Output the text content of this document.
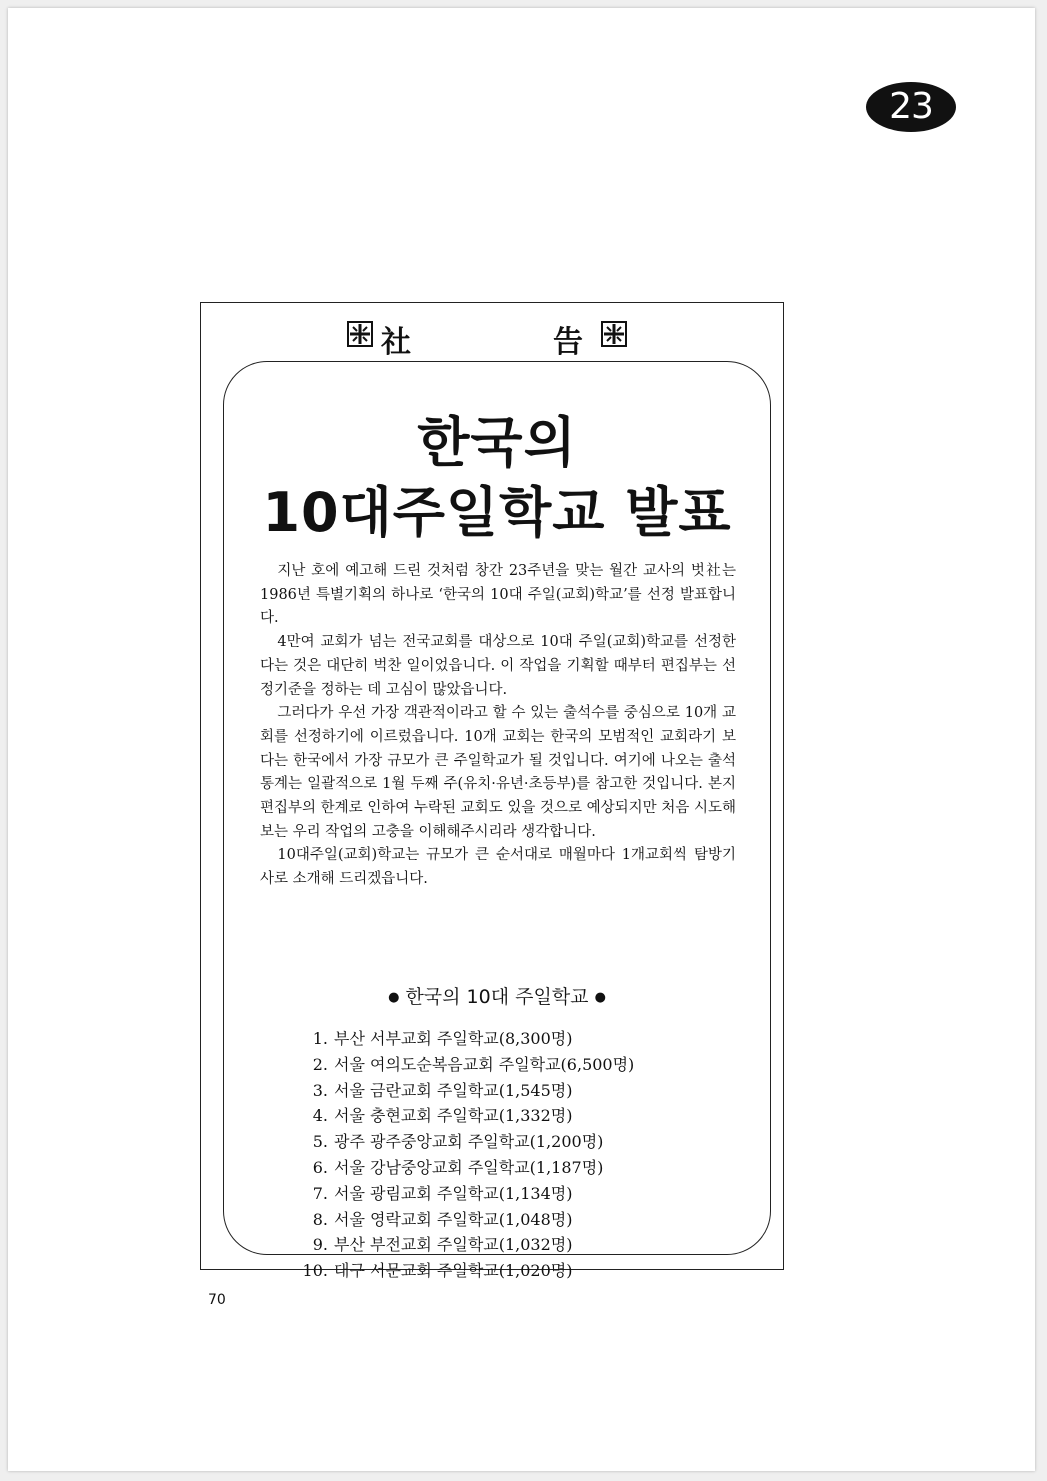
23
社	告
한국의
10대주일학교 발표

지난 호에 예고해 드린 것처럼 창간 23주년을 맞는 월간 교사의 벗社는 1986년 특별기획의 하나로 ‘한국의 10대 주일(교회)학교’를 선정 발표합니다.

4만여 교회가 넘는 전국교회를 대상으로 10대 주일(교회)학교를 선정한다는 것은 대단히 벅찬 일이었읍니다. 이 작업을 기획할 때부터 편집부는 선정기준을 정하는 데 고심이 많았읍니다.

그러다가 우선 가장 객관적이라고 할 수 있는 출석수를 중심으로 10개 교회를 선정하기에 이르렀읍니다. 10개 교회는 한국의 모범적인 교회라기 보다는 한국에서 가장 규모가 큰 주일학교가 될 것입니다. 여기에 나오는 출석통계는 일괄적으로 1월 두째 주(유치·유년·초등부)를 참고한 것입니다. 본지 편집부의 한계로 인하여 누락된 교회도 있을 것으로 예상되지만 처음 시도해 보는 우리 작업의 고충을 이해해주시리라 생각합니다.

10대주일(교회)학교는 규모가 큰 순서대로 매월마다 1개교회씩 탐방기사로 소개해 드리겠읍니다.

● 한국의 10대 주일학교 ●
1. 부산 서부교회 주일학교(8,300명)
2. 서울 여의도순복음교회 주일학교(6,500명)
3. 서울 금란교회 주일학교(1,545명)
4. 서울 충현교회 주일학교(1,332명)
5. 광주 광주중앙교회 주일학교(1,200명)
6. 서울 강남중앙교회 주일학교(1,187명)
7. 서울 광림교회 주일학교(1,134명)
8. 서울 영락교회 주일학교(1,048명)
9. 부산 부전교회 주일학교(1,032명)
10. 대구 서문교회 주일학교(1,020명)
70
